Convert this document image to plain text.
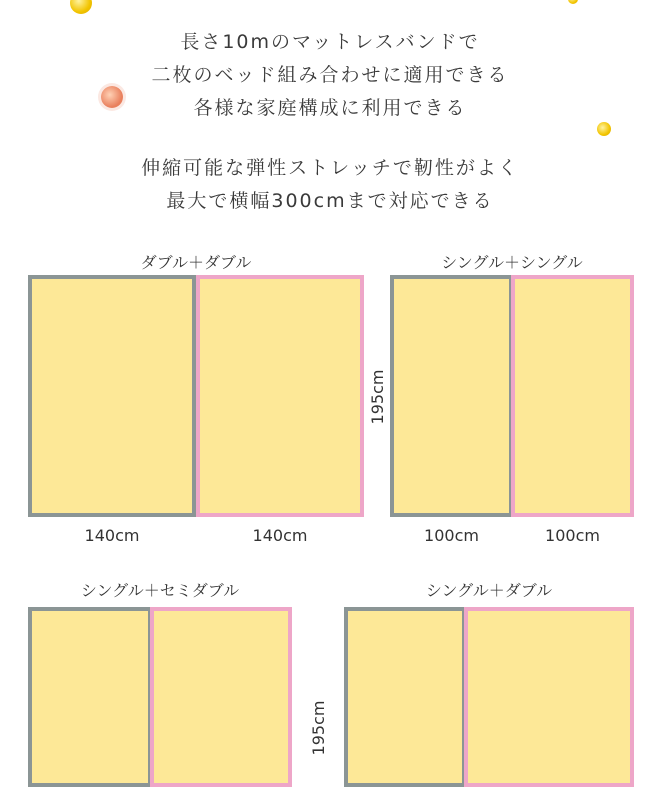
長さ10mのマットレスバンドで
二枚のベッド組み合わせに適用できる
各様な家庭構成に利用できる
伸縮可能な弾性ストレッチで靭性がよく
最大で横幅300cmまで対応できる
ダブル＋ダブル
140cm	140cm
195cm
シングル＋シングル
100cm	100cm
シングル＋セミダブル
195cm
シングル＋ダブル
